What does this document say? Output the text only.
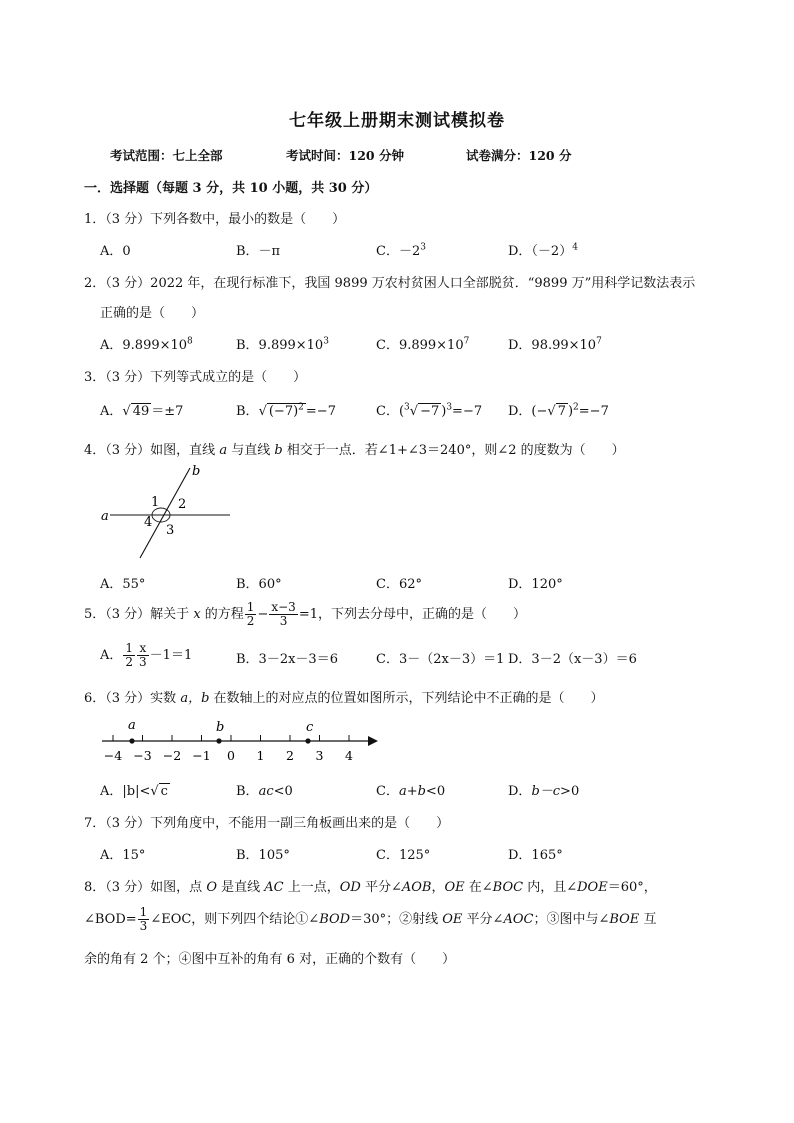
七年级上册期末测试模拟卷
考试范围：七上全部	考试时间：120 分钟	试卷满分：120 分
一．选择题（每题 3 分，共 10 小题，共 30 分）
1．（3 分）下列各数中，最小的数是（　　）
A．0	B．－π	C．$-2^3$	D．$(-2)^4$
2．（3 分）2022 年，在现行标准下，我国 9899 万农村贫困人口全部脱贫．“9899 万”用科学记数法表示
正确的是（　　）
A．$9.899\times 10^8$	B．$9.899\times 10^3$	C．$9.899\times 10^7$	D．$98.99\times 10^7$
3．（3 分）下列等式成立的是（　　）
A．√ 49 ＝±7	B．√ $(-7)^2 =-7$	C．($^3$√ −7 )$^3$=−7 D．(−√ 7 )$^2$=−7
4．（3 分）如图，直线 a 与直线 b 相交于一点．若∠1+∠3＝240°，则∠2 的度数为（　　）
a
b
1 2
3
4
A．55°	B．60°	C．62°	D．120°
5．（3 分）解关于 x 的方程 $\frac{1}{2} - \frac{x-3}{3} =1$，下列去分母中，正确的是（　　）
A． $\frac{1}{2} \frac{x}{3} -1=1$	B．3－2x－3＝6	C．3－（2x－3）＝1 D．3－2（x－3）＝6
6．（3 分）实数 a，b 在数轴上的对应点的位置如图所示，下列结论中不正确的是（　　）
−4 −3 −2 −1 0 1 2 3 4
a	b	c
A．|b|<√ c	B．ac<0	C．a+b<0	D．b－c>0
7．（3 分）下列角度中，不能用一副三角板画出来的是（　　）
A．15°	B．105°	C．125°	D．165°
8．（3 分）如图，点 O 是直线 AC 上一点，OD 平分∠AOB，OE 在∠BOC 内，且∠DOE＝60°，
∠BOD= $\frac{1}{3}$ ∠EOC，则下列四个结论①∠BOD＝30°；②射线 OE 平分∠AOC；③图中与∠BOE 互
余的角有 2 个；④图中互补的角有 6 对，正确的个数有（　　）
